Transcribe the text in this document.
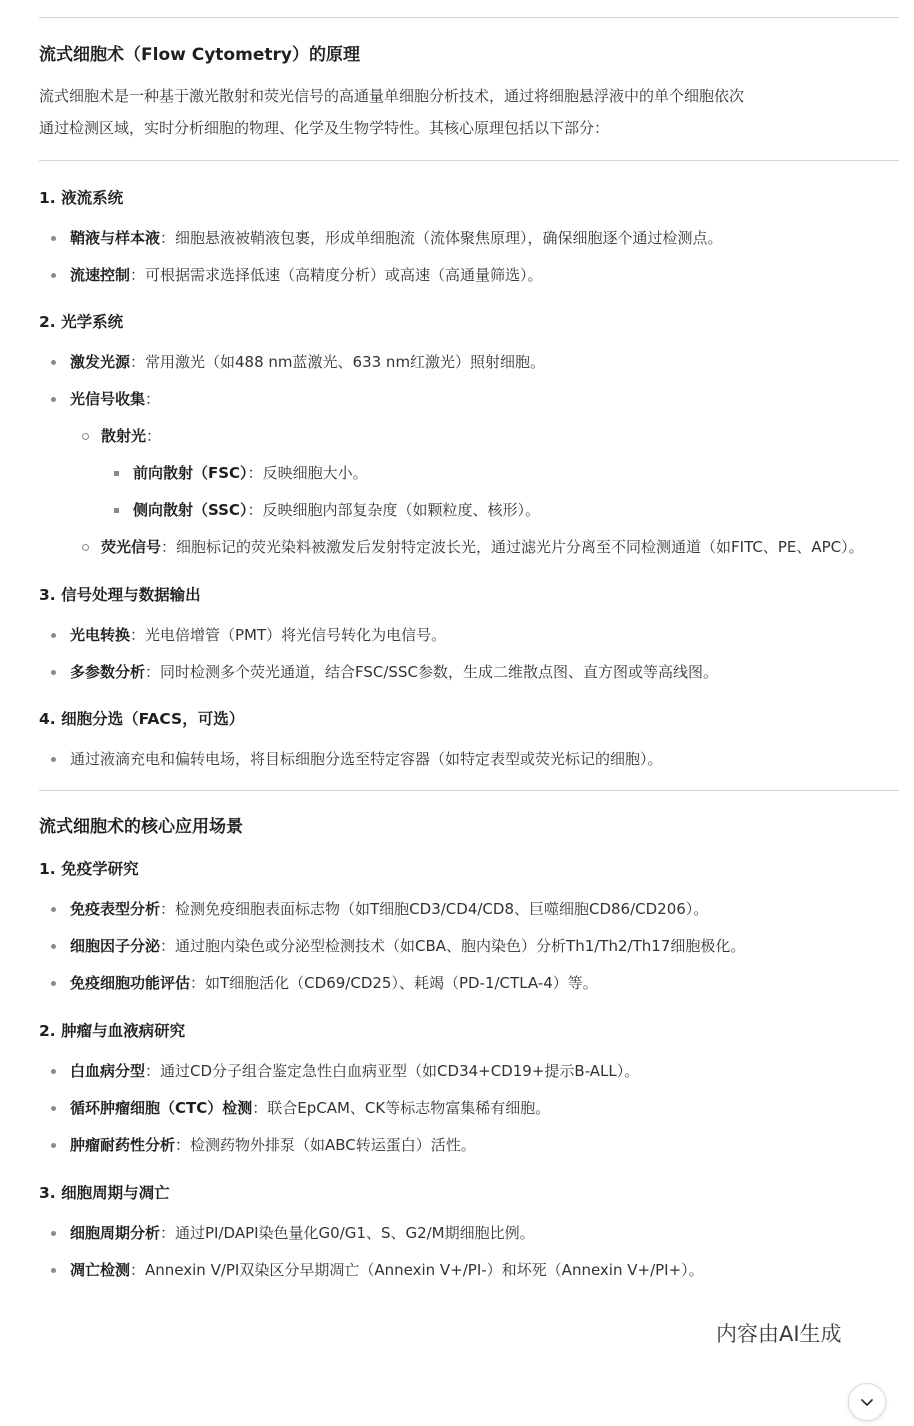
流式细胞术（Flow Cytometry）的原理
流式细胞术是一种基于激光散射和荧光信号的高通量单细胞分析技术，通过将细胞悬浮液中的单个细胞依次
通过检测区域，实时分析细胞的物理、化学及生物学特性。其核心原理包括以下部分：
1. 液流系统
鞘液与样本液：细胞悬液被鞘液包裹，形成单细胞流（流体聚焦原理），确保细胞逐个通过检测点。
流速控制：可根据需求选择低速（高精度分析）或高速（高通量筛选）。
2. 光学系统
激发光源：常用激光（如488 nm蓝激光、633 nm红激光）照射细胞。
光信号收集：
散射光：
前向散射（FSC）：反映细胞大小。
侧向散射（SSC）：反映细胞内部复杂度（如颗粒度、核形）。
荧光信号：细胞标记的荧光染料被激发后发射特定波长光，通过滤光片分离至不同检测通道（如FITC、PE、APC）。
3. 信号处理与数据输出
光电转换：光电倍增管（PMT）将光信号转化为电信号。
多参数分析：同时检测多个荧光通道，结合FSC/SSC参数，生成二维散点图、直方图或等高线图。
4. 细胞分选（FACS，可选）
通过液滴充电和偏转电场，将目标细胞分选至特定容器（如特定表型或荧光标记的细胞）。
流式细胞术的核心应用场景
1. 免疫学研究
免疫表型分析：检测免疫细胞表面标志物（如T细胞CD3/CD4/CD8、巨噬细胞CD86/CD206）。
细胞因子分泌：通过胞内染色或分泌型检测技术（如CBA、胞内染色）分析Th1/Th2/Th17细胞极化。
免疫细胞功能评估：如T细胞活化（CD69/CD25）、耗竭（PD-1/CTLA-4）等。
2. 肿瘤与血液病研究
白血病分型：通过CD分子组合鉴定急性白血病亚型（如CD34+CD19+提示B-ALL）。
循环肿瘤细胞（CTC）检测：联合EpCAM、CK等标志物富集稀有细胞。
肿瘤耐药性分析：检测药物外排泵（如ABC转运蛋白）活性。
3. 细胞周期与凋亡
细胞周期分析：通过PI/DAPI染色量化G0/G1、S、G2/M期细胞比例。
凋亡检测：Annexin V/PI双染区分早期凋亡（Annexin V+/PI-）和坏死（Annexin V+/PI+）。
内容由AI生成
